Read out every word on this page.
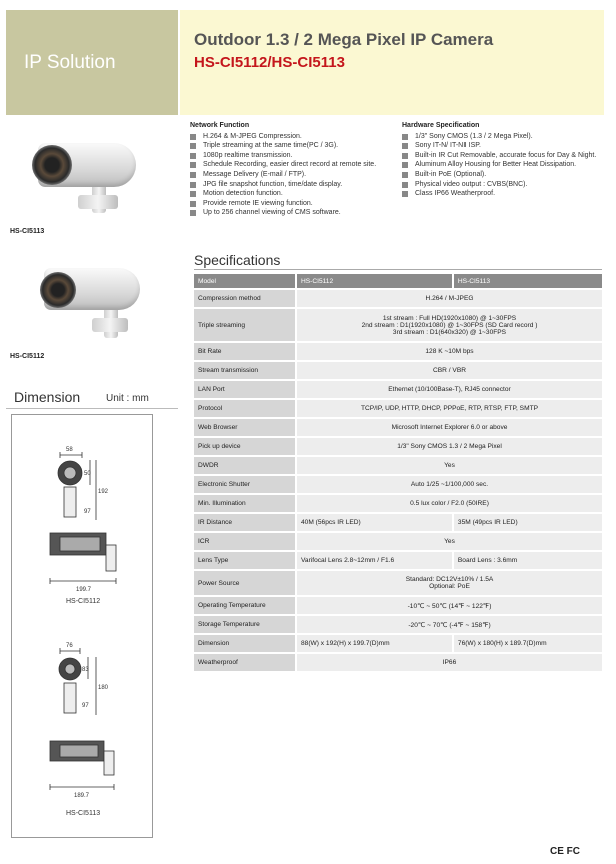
IP Solution
Outdoor 1.3 / 2 Mega Pixel IP Camera
HS-CI5112/HS-CI5113
HS-CI5113
HS-CI5112
Network Function
H.264 & M-JPEG Compression.
Triple streaming at the same time(PC / 3G).
1080p realtime transmission.
Schedule Recording, easier direct record at remote site.
Message Delivery (E-mail / FTP).
JPG file snapshot function, time/date display.
Motion detection function.
Provide remote IE viewing function.
Up to 256 channel viewing of CMS software.
Hardware Specification
1/3" Sony CMOS (1.3 / 2 Mega Pixel).
Sony IT-N/ IT-NⅡ ISP.
Built-in IR Cut Removable, accurate focus for Day & Night.
Aluminum Alloy Housing for Better Heat Dissipation.
Built-in PoE (Optional).
Physical video output : CVBS(BNC).
Class IP66 Weatherproof.
Dimension	Unit : mm
58
50
97
192
199.7
76
83
97
180
189.7
HS-CI5112
HS-CI5113
Specifications
Model	HS-CI5112	HS-CI5113
Compression method	H.264 / M-JPEG	
Triple streaming	1st stream : Full HD(1920x1080) @ 1~30FPS
2nd stream : D1(1920x1080) @ 1~30FPS (SD Card record )
3rd stream : D1(640x320) @ 1~30FPS	

Bit Rate	128 K ~10M bps	
Stream transmission	CBR / VBR	
LAN Port	Ethernet (10/100Base-T), RJ45 connector	
Protocol	TCP/IP, UDP, HTTP, DHCP, PPPoE, RTP, RTSP, FTP, SMTP	
Web Browser	Microsoft Internet Explorer 6.0 or above	
Pick up device	1/3" Sony CMOS 1.3 / 2 Mega Pixel	
DWDR	Yes	
Electronic Shutter	Auto 1/25 ~1/100,000 sec.	
Min. Illumination	0.5 lux color / F2.0 (50IRE)	
IR Distance	40M (56pcs IR LED)	35M (49pcs IR LED)
ICR	Yes	
Lens Type	Varifocal Lens 2.8~12mm / F1.6	Board Lens : 3.6mm
Power Source	Standard: DC12V±10% / 1.5A
Optional: PoE	

Operating Temperature	-10℃ ~ 50℃ (14℉ ~ 122℉)	
Storage Temperature	-20℃ ~ 70℃ (-4℉ ~ 158℉)	
Dimension	88(W) x 192(H) x 199.7(D)mm	76(W) x 180(H) x 189.7(D)mm
Weatherproof	IP66	
CE FC
